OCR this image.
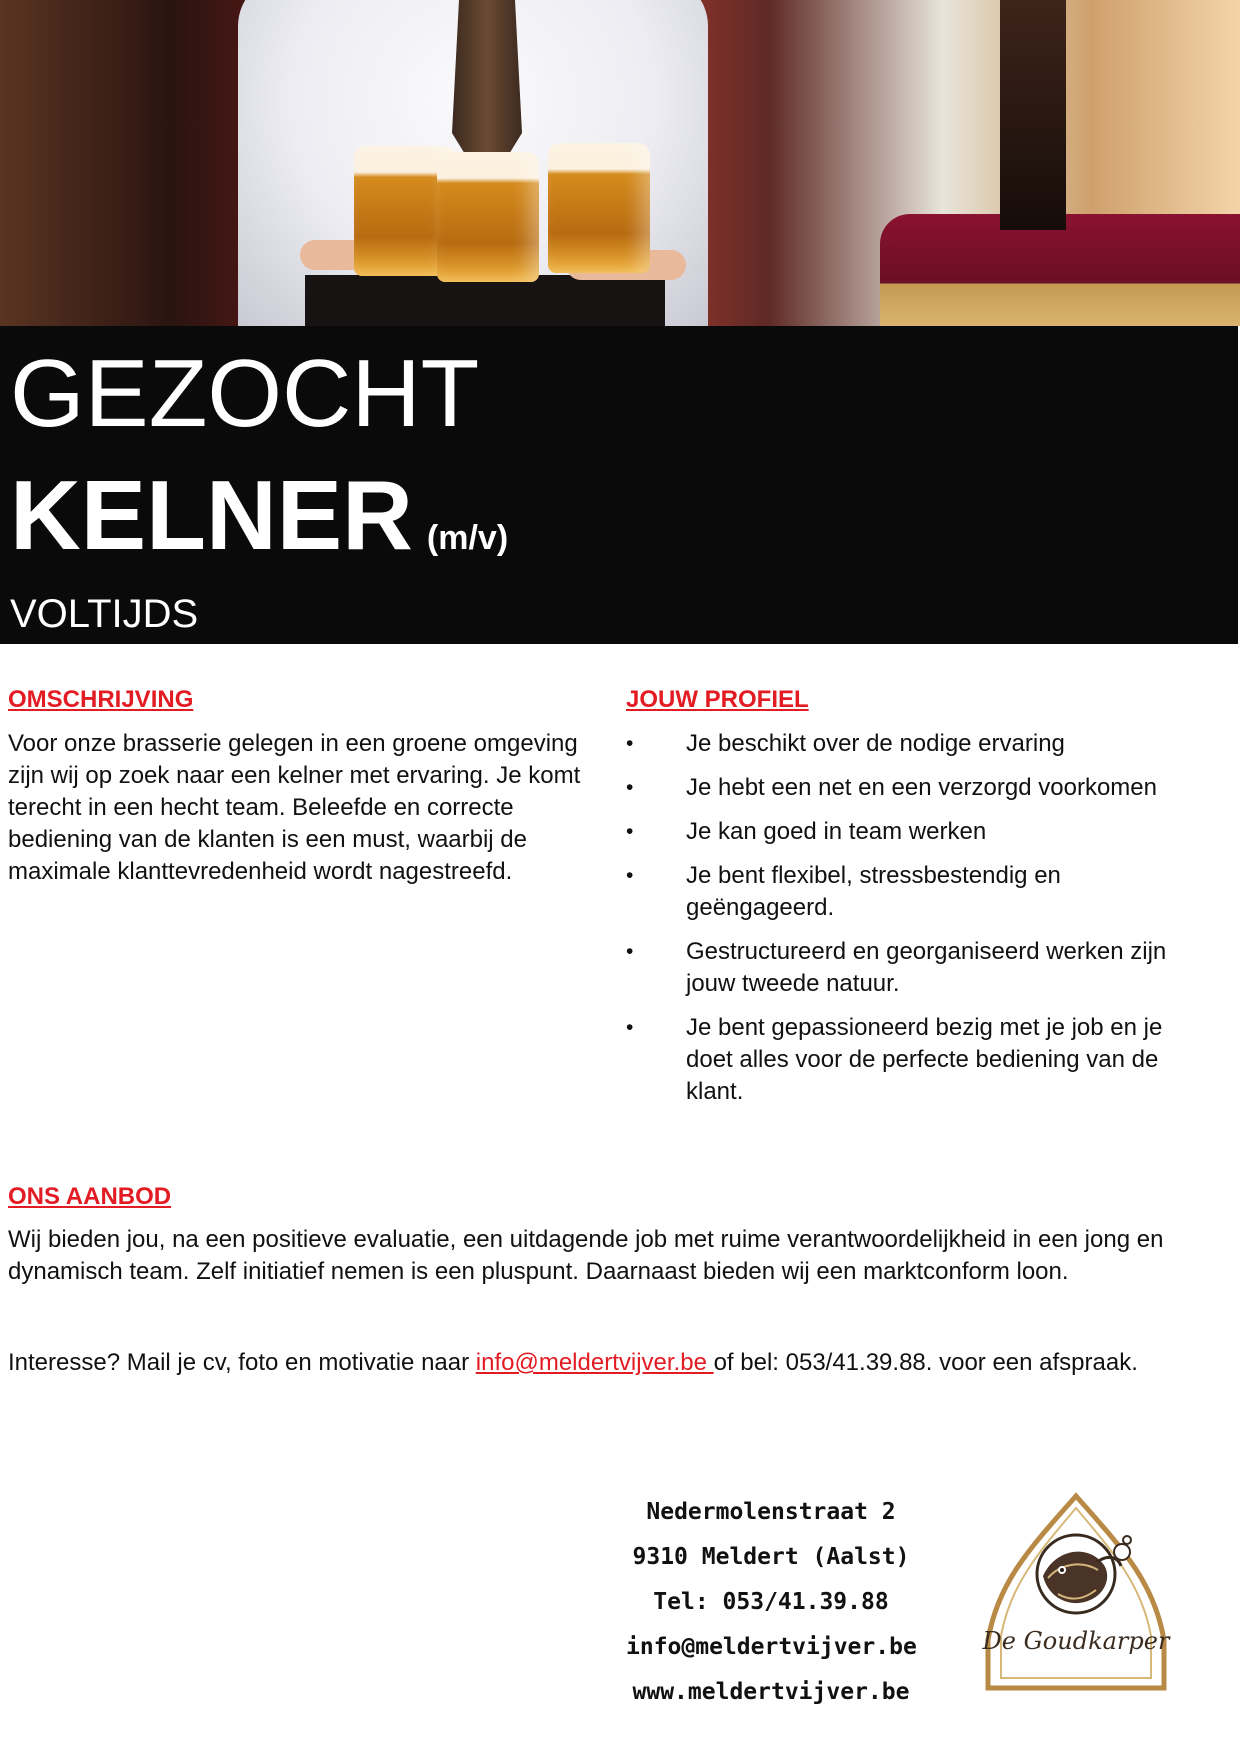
GEZOCHT
KELNER (m/v)

VOLTIJDS

OMSCHRIJVING

Voor onze brasserie gelegen in een groene omgeving zijn wij op zoek naar een kelner met ervaring. Je komt terecht in een hecht team. Beleefde en correcte bediening van de klanten is een must, waarbij de maximale klanttevredenheid wordt nagestreefd.

JOUW PROFIEL
• Je beschikt over de nodige ervaring
• Je hebt een net en een verzorgd voorkomen
• Je kan goed in team werken
• Je bent flexibel, stressbestendig en geëngageerd.
• Gestructureerd en georganiseerd werken zijn jouw tweede natuur.
• Je bent gepassioneerd bezig met je job en je doet alles voor de perfecte bediening van de klant.
ONS AANBOD

Wij bieden jou, na een positieve evaluatie, een uitdagende job met ruime verantwoordelijkheid in een jong en dynamisch team. Zelf initiatief nemen is een pluspunt. Daarnaast bieden wij een marktconform loon.

Interesse? Mail je cv, foto en motivatie naar info@meldertvijver.be of bel: 053/41.39.88. voor een afspraak.

Nedermolenstraat 2
9310 Meldert (Aalst)
Tel: 053/41.39.88
info@meldertvijver.be
www.meldertvijver.be
De Goudkarper
